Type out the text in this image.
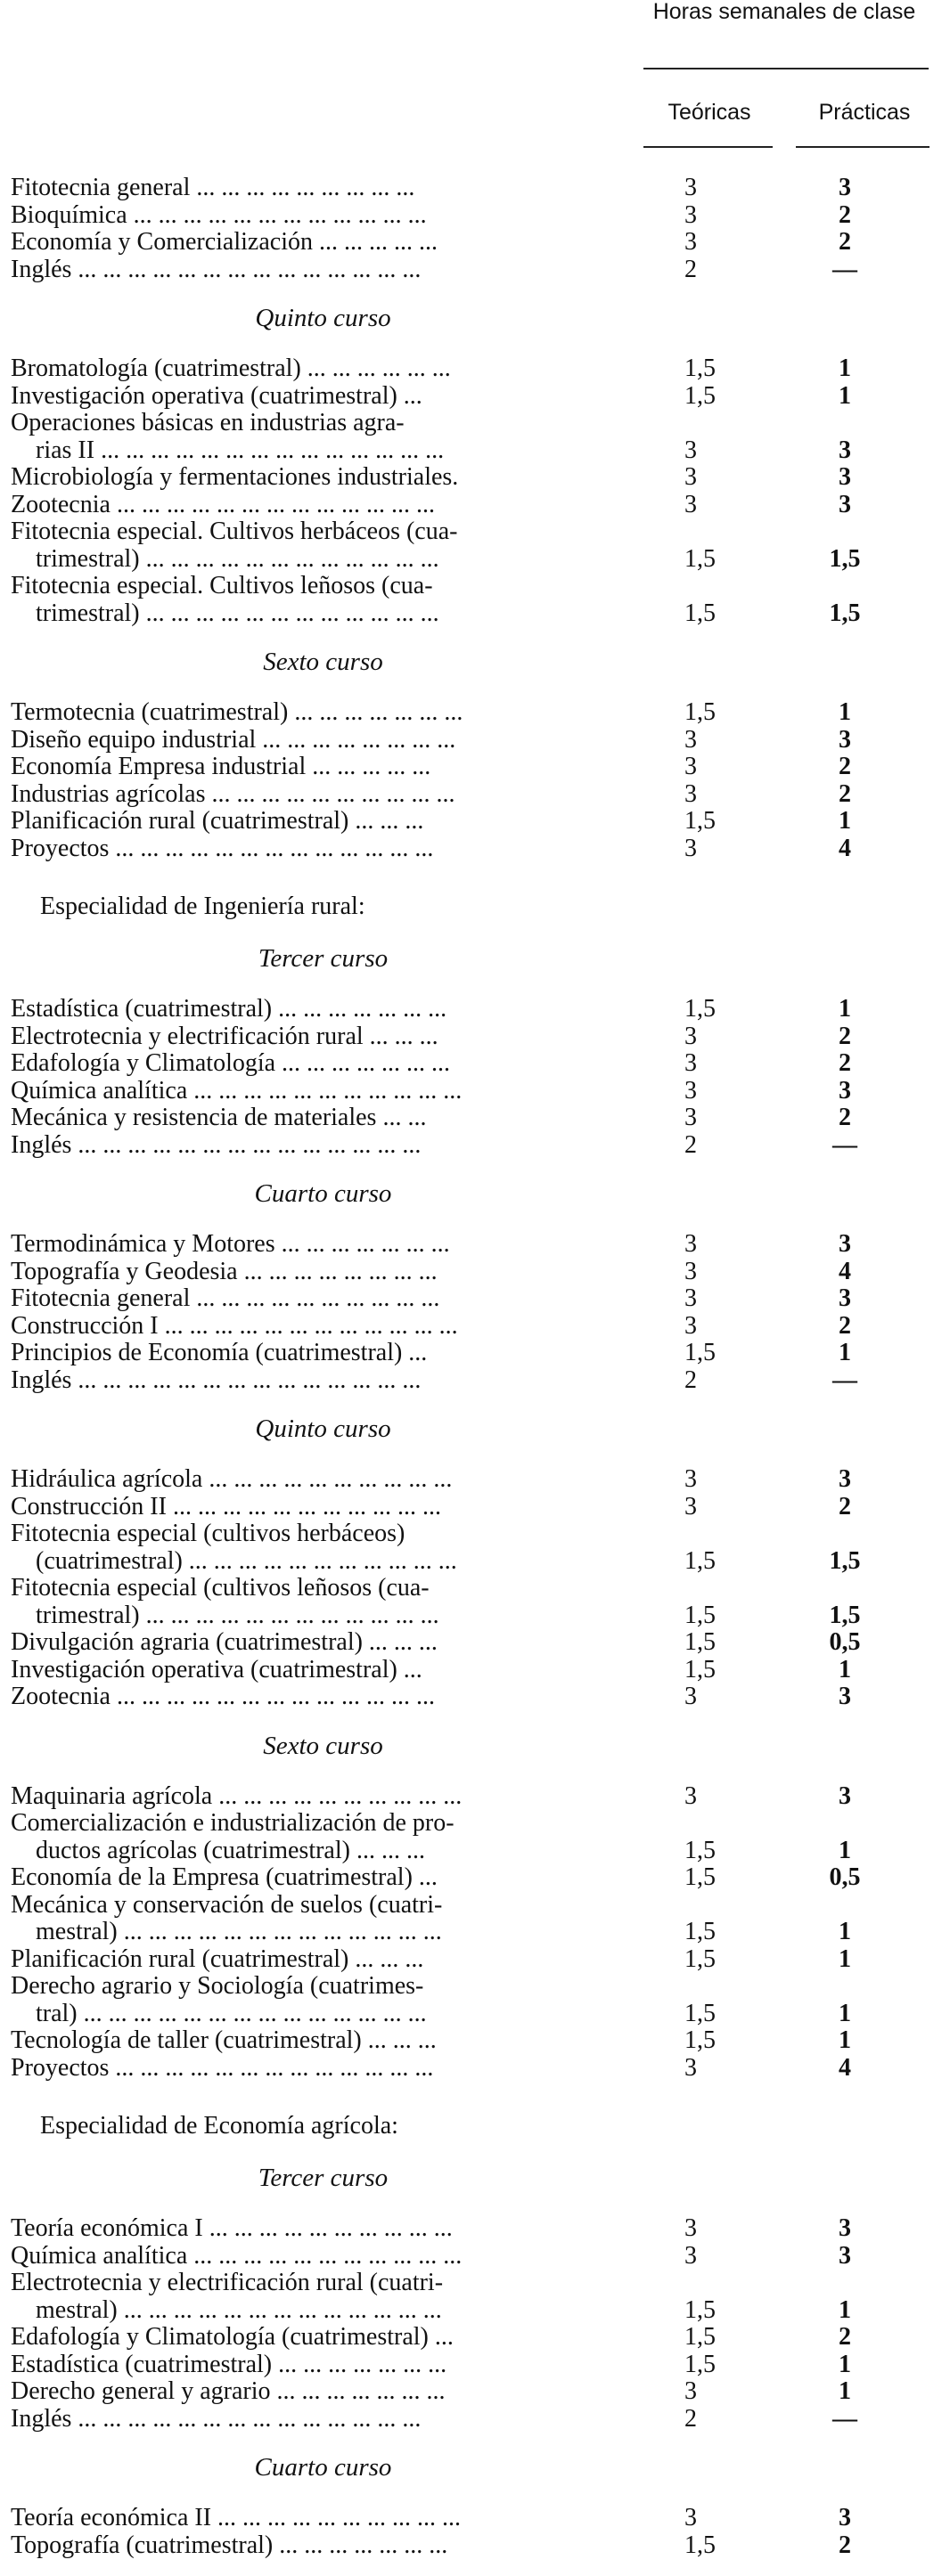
Horas semanales de clase
Teóricas	Prácticas
Fitotecnia general ... ... ... ... ... ... ... ... ...	3	3
Bioquímica ... ... ... ... ... ... ... ... ... ... ... ...	3	2
Economía y Comercialización ... ... ... ... ...	3	2
Inglés ... ... ... ... ... ... ... ... ... ... ... ... ... ...	2	—
Quinto curso
Bromatología (cuatrimestral) ... ... ... ... ... ...	1,5	1
Investigación operativa (cuatrimestral) ...	1,5	1
Operaciones básicas en industrias agra-
rias II ... ... ... ... ... ... ... ... ... ... ... ... ... ...	3	3
Microbiología y fermentaciones industriales.	3	3
Zootecnia ... ... ... ... ... ... ... ... ... ... ... ... ...	3	3
Fitotecnia especial. Cultivos herbáceos (cua-
trimestral) ... ... ... ... ... ... ... ... ... ... ... ...	1,5	1,5
Fitotecnia especial. Cultivos leñosos (cua-
trimestral) ... ... ... ... ... ... ... ... ... ... ... ...	1,5	1,5
Sexto curso
Termotecnia (cuatrimestral) ... ... ... ... ... ... ...	1,5	1
Diseño equipo industrial ... ... ... ... ... ... ... ...	3	3
Economía Empresa industrial ... ... ... ... ...	3	2
Industrias agrícolas ... ... ... ... ... ... ... ... ... ...	3	2
Planificación rural (cuatrimestral) ... ... ...	1,5	1
Proyectos ... ... ... ... ... ... ... ... ... ... ... ... ...	3	4
Especialidad de Ingeniería rural:
Tercer curso
Estadística (cuatrimestral) ... ... ... ... ... ... ...	1,5	1
Electrotecnia y electrificación rural ... ... ...	3	2
Edafología y Climatología ... ... ... ... ... ... ...	3	2
Química analítica ... ... ... ... ... ... ... ... ... ... ...	3	3
Mecánica y resistencia de materiales ... ...	3	2
Inglés ... ... ... ... ... ... ... ... ... ... ... ... ... ...	2	—
Cuarto curso
Termodinámica y Motores ... ... ... ... ... ... ...	3	3
Topografía y Geodesia ... ... ... ... ... ... ... ...	3	4
Fitotecnia general ... ... ... ... ... ... ... ... ... ...	3	3
Construcción I ... ... ... ... ... ... ... ... ... ... ... ...	3	2
Principios de Economía (cuatrimestral) ...	1,5	1
Inglés ... ... ... ... ... ... ... ... ... ... ... ... ... ...	2	—
Quinto curso
Hidráulica agrícola ... ... ... ... ... ... ... ... ... ...	3	3
Construcción II ... ... ... ... ... ... ... ... ... ... ...	3	2
Fitotecnia especial (cultivos herbáceos)
(cuatrimestral) ... ... ... ... ... ... ... ... ... ... ...	1,5	1,5
Fitotecnia especial (cultivos leñosos (cua-
trimestral) ... ... ... ... ... ... ... ... ... ... ... ...	1,5	1,5
Divulgación agraria (cuatrimestral) ... ... ...	1,5	0,5
Investigación operativa (cuatrimestral) ...	1,5	1
Zootecnia ... ... ... ... ... ... ... ... ... ... ... ... ...	3	3
Sexto curso
Maquinaria agrícola ... ... ... ... ... ... ... ... ... ...	3	3
Comercialización e industrialización de pro-
ductos agrícolas (cuatrimestral) ... ... ...	1,5	1
Economía de la Empresa (cuatrimestral) ...	1,5	0,5
Mecánica y conservación de suelos (cuatri-
mestral) ... ... ... ... ... ... ... ... ... ... ... ... ...	1,5	1
Planificación rural (cuatrimestral) ... ... ...	1,5	1
Derecho agrario y Sociología (cuatrimes-
tral) ... ... ... ... ... ... ... ... ... ... ... ... ... ...	1,5	1
Tecnología de taller (cuatrimestral) ... ... ...	1,5	1
Proyectos ... ... ... ... ... ... ... ... ... ... ... ... ...	3	4
Especialidad de Economía agrícola:
Tercer curso
Teoría económica I ... ... ... ... ... ... ... ... ... ...	3	3
Química analítica ... ... ... ... ... ... ... ... ... ... ...	3	3
Electrotecnia y electrificación rural (cuatri-
mestral) ... ... ... ... ... ... ... ... ... ... ... ... ...	1,5	1
Edafología y Climatología (cuatrimestral) ...	1,5	2
Estadística (cuatrimestral) ... ... ... ... ... ... ...	1,5	1
Derecho general y agrario ... ... ... ... ... ... ...	3	1
Inglés ... ... ... ... ... ... ... ... ... ... ... ... ... ...	2	—
Cuarto curso
Teoría económica II ... ... ... ... ... ... ... ... ... ...	3	3
Topografía (cuatrimestral) ... ... ... ... ... ... ...	1,5	2
